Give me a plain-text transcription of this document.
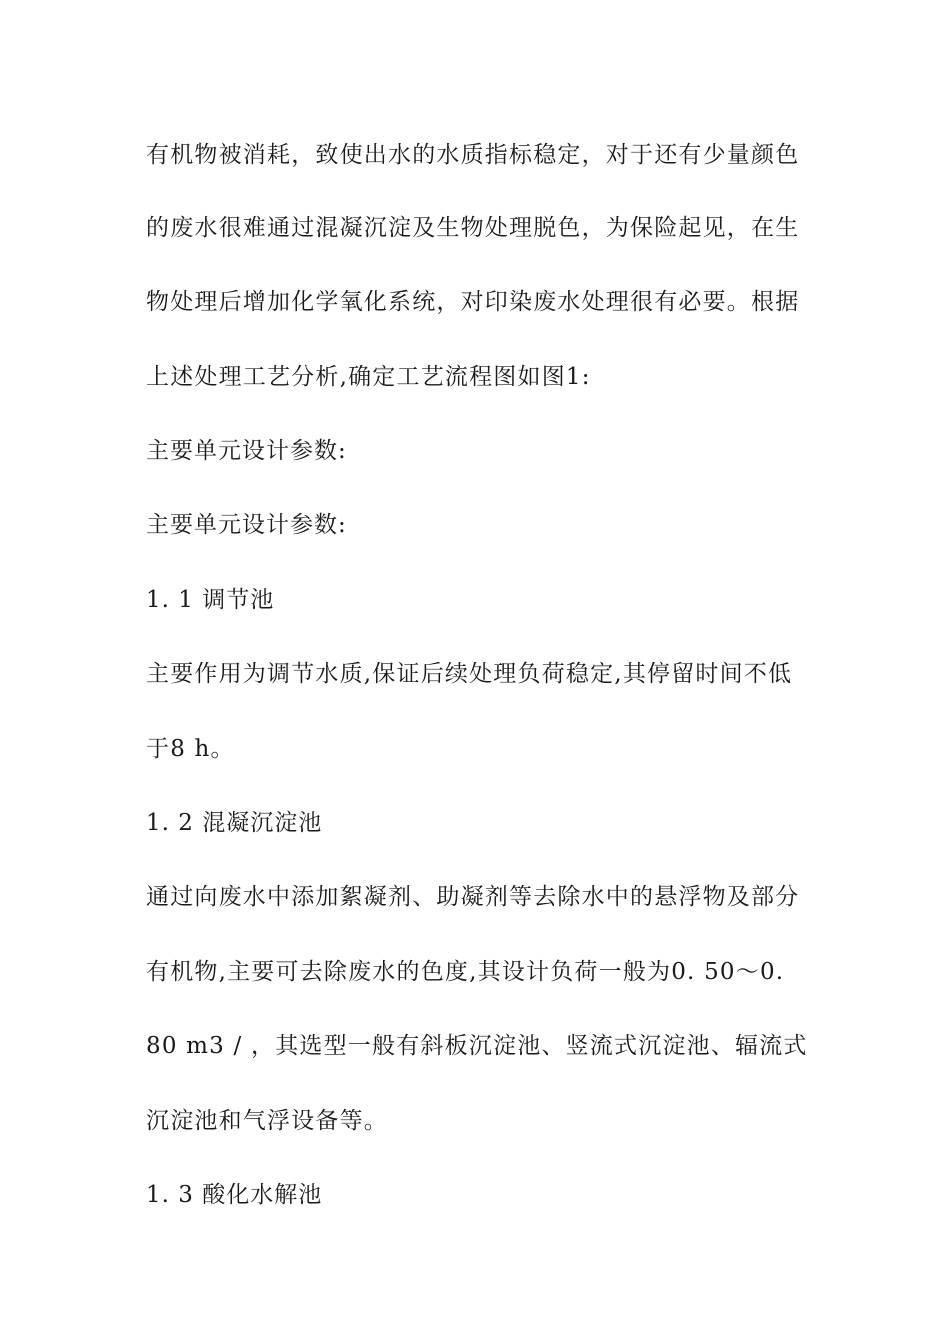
有机物被消耗，致使出水的水质指标稳定，对于还有少量颜色

的废水很难通过混凝沉淀及生物处理脱色，为保险起见，在生

物处理后增加化学氧化系统，对印染废水处理很有必要。根据

上述处理工艺分析,确定工艺流程图如图1:

主要单元设计参数:

主要单元设计参数:

1. 1 调节池

主要作用为调节水质,保证后续处理负荷稳定,其停留时间不低

于8 h。

1. 2 混凝沉淀池

通过向废水中添加絮凝剂、助凝剂等去除水中的悬浮物及部分

有机物,主要可去除废水的色度,其设计负荷一般为0. 50～0.

80 m3 / ，其选型一般有斜板沉淀池、竖流式沉淀池、辐流式

沉淀池和气浮设备等。

1. 3 酸化水解池
